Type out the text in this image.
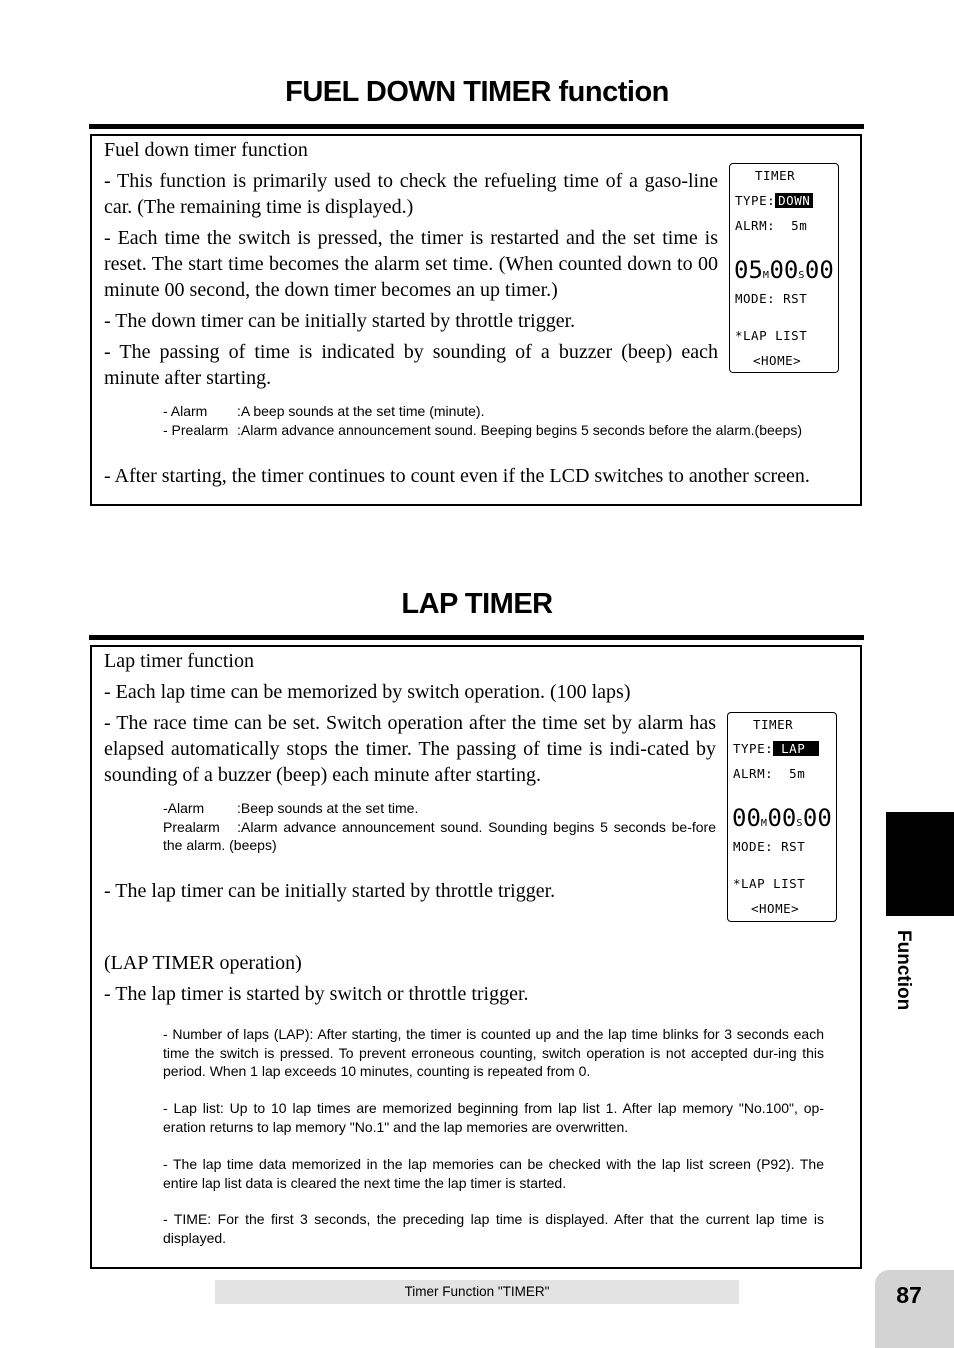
FUEL DOWN TIMER function

Fuel down timer function

- This function is primarily used to check the refueling time of a gaso-line car. (The remaining time is displayed.)

- Each time the switch is pressed, the timer is restarted and the set time is reset. The start time becomes the alarm set time. (When counted down to 00 minute 00 second, the down timer becomes an up timer.)

- The down timer can be initially started by throttle trigger.

- The passing of time is indicated by sounding of a buzzer (beep) each minute after starting.

- Alarm	:A beep sounds at the set time (minute).
- Prealarm :Alarm advance announcement sound. Beeping begins 5 seconds before the alarm.(beeps)

- After starting, the timer continues to count even if the LCD switches to another screen.

TIMER
TYPE: DOWN
ALRM:  5m
05M00S00
MODE: RST
*LAP LIST
<HOME>
LAP TIMER

Lap timer function

- Each lap time can be memorized by switch operation. (100 laps)

- The race time can be set. Switch operation after the time set by alarm has elapsed automatically stops the timer. The passing of time is indi-cated by sounding of a buzzer (beep) each minute after starting.

-Alarm	:Beep sounds at the set time.
Prealarm :Alarm advance announcement sound. Sounding begins 5 seconds be-fore the alarm. (beeps)

- The lap timer can be initially started by throttle trigger.

TIMER
TYPE: LAP
ALRM:  5m
00M00S00
MODE: RST
*LAP LIST
<HOME>

(LAP TIMER operation)

- The lap timer is started by switch or throttle trigger.

- Number of laps (LAP): After starting, the timer is counted up and the lap time blinks for 3 seconds each time the switch is pressed. To prevent erroneous counting, switch operation is not accepted dur-ing this period. When 1 lap exceeds 10 minutes, counting is repeated from 0.

- Lap list: Up to 10 lap times are memorized beginning from lap list 1. After lap memory "No.100", op-eration returns to lap memory "No.1" and the lap memories are overwritten.

- The lap time data memorized in the lap memories can be checked with the lap list screen (P92). The entire lap list data is cleared the next time the lap timer is started.

- TIME: For the first 3 seconds, the preceding lap time is displayed. After that the current lap time is displayed.

Function
Timer Function "TIMER"	87
